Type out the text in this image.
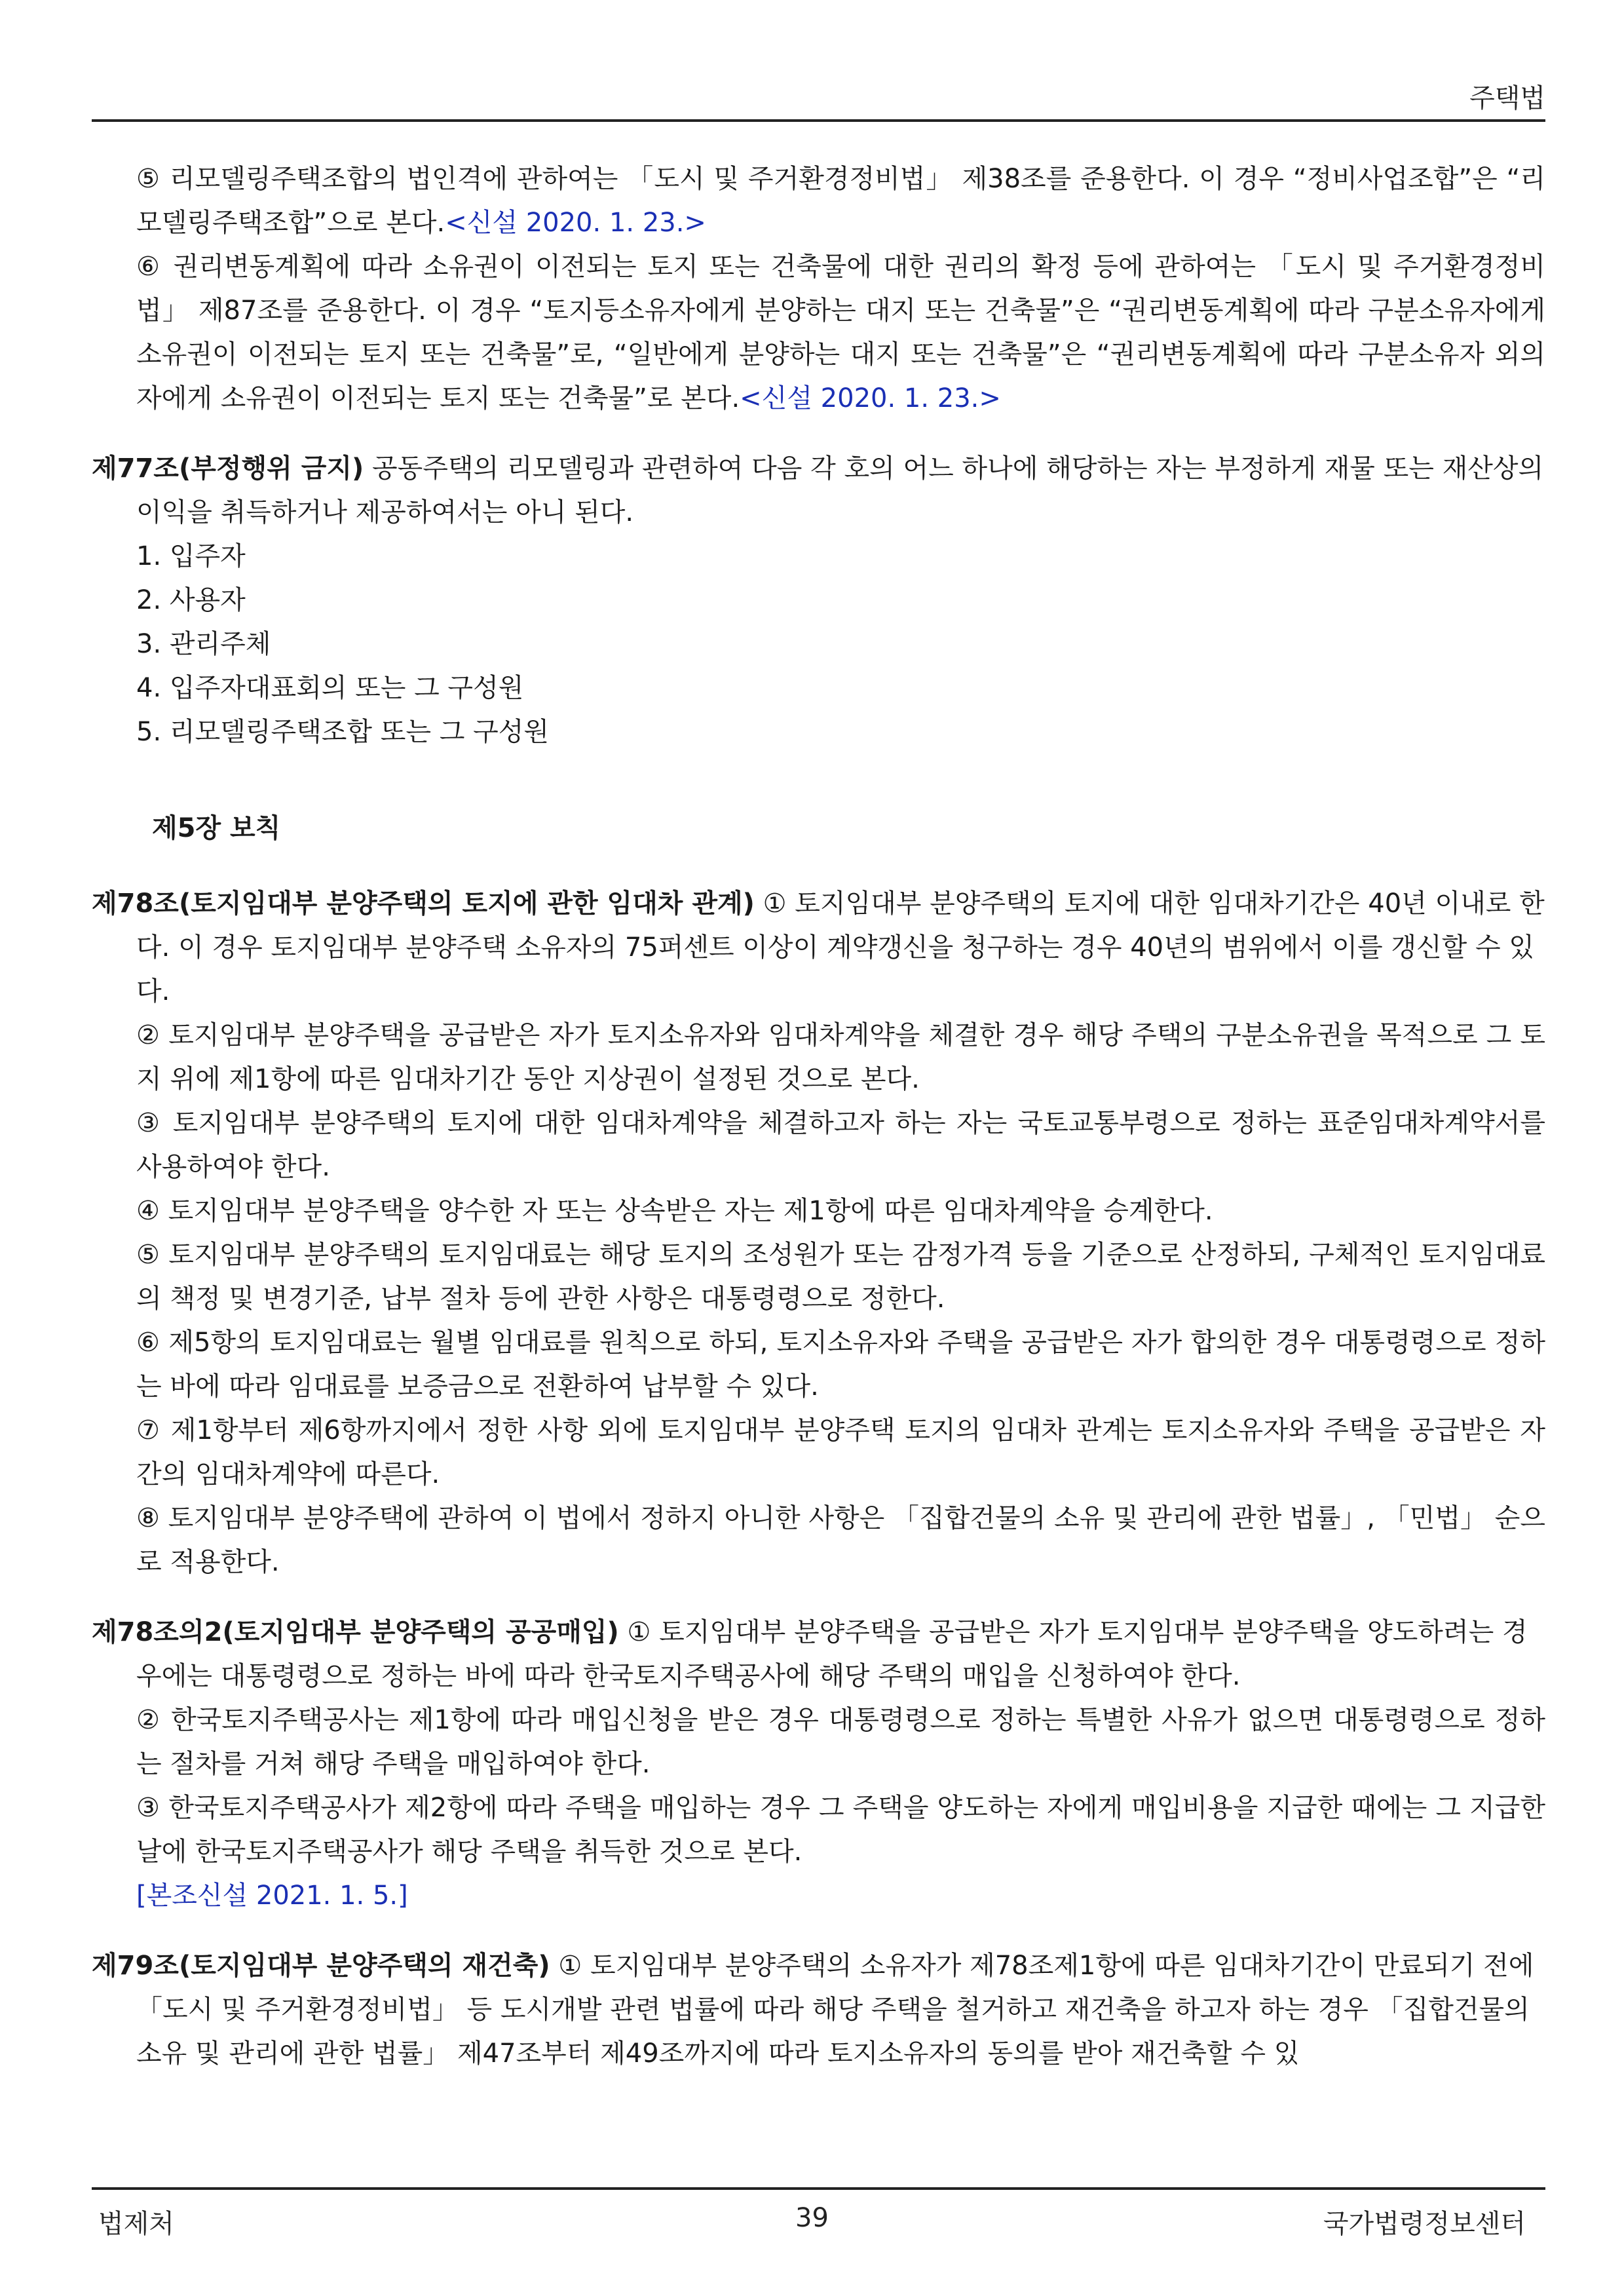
주택법

⑤ 리모델링주택조합의 법인격에 관하여는 「도시 및 주거환경정비법」 제38조를 준용한다. 이 경우 “정비사업조합”은 “리모델링주택조합”으로 본다.<신설 2020. 1. 23.>

⑥ 권리변동계획에 따라 소유권이 이전되는 토지 또는 건축물에 대한 권리의 확정 등에 관하여는 「도시 및 주거환경정비법」 제87조를 준용한다. 이 경우 “토지등소유자에게 분양하는 대지 또는 건축물”은 “권리변동계획에 따라 구분소유자에게 소유권이 이전되는 토지 또는 건축물”로, “일반에게 분양하는 대지 또는 건축물”은 “권리변동계획에 따라 구분소유자 외의 자에게 소유권이 이전되는 토지 또는 건축물”로 본다.<신설 2020. 1. 23.>

제77조(부정행위 금지) 공동주택의 리모델링과 관련하여 다음 각 호의 어느 하나에 해당하는 자는 부정하게 재물 또는 재산상의 이익을 취득하거나 제공하여서는 아니 된다.

1. 입주자

2. 사용자

3. 관리주체

4. 입주자대표회의 또는 그 구성원

5. 리모델링주택조합 또는 그 구성원

제5장 보칙

제78조(토지임대부 분양주택의 토지에 관한 임대차 관계) ① 토지임대부 분양주택의 토지에 대한 임대차기간은 40년 이내로 한다. 이 경우 토지임대부 분양주택 소유자의 75퍼센트 이상이 계약갱신을 청구하는 경우 40년의 범위에서 이를 갱신할 수 있다.

② 토지임대부 분양주택을 공급받은 자가 토지소유자와 임대차계약을 체결한 경우 해당 주택의 구분소유권을 목적으로 그 토지 위에 제1항에 따른 임대차기간 동안 지상권이 설정된 것으로 본다.

③ 토지임대부 분양주택의 토지에 대한 임대차계약을 체결하고자 하는 자는 국토교통부령으로 정하는 표준임대차계약서를 사용하여야 한다.

④ 토지임대부 분양주택을 양수한 자 또는 상속받은 자는 제1항에 따른 임대차계약을 승계한다.

⑤ 토지임대부 분양주택의 토지임대료는 해당 토지의 조성원가 또는 감정가격 등을 기준으로 산정하되, 구체적인 토지임대료의 책정 및 변경기준, 납부 절차 등에 관한 사항은 대통령령으로 정한다.

⑥ 제5항의 토지임대료는 월별 임대료를 원칙으로 하되, 토지소유자와 주택을 공급받은 자가 합의한 경우 대통령령으로 정하는 바에 따라 임대료를 보증금으로 전환하여 납부할 수 있다.

⑦ 제1항부터 제6항까지에서 정한 사항 외에 토지임대부 분양주택 토지의 임대차 관계는 토지소유자와 주택을 공급받은 자 간의 임대차계약에 따른다.

⑧ 토지임대부 분양주택에 관하여 이 법에서 정하지 아니한 사항은 「집합건물의 소유 및 관리에 관한 법률」, 「민법」 순으로 적용한다.

제78조의2(토지임대부 분양주택의 공공매입) ① 토지임대부 분양주택을 공급받은 자가 토지임대부 분양주택을 양도하려는 경우에는 대통령령으로 정하는 바에 따라 한국토지주택공사에 해당 주택의 매입을 신청하여야 한다.

② 한국토지주택공사는 제1항에 따라 매입신청을 받은 경우 대통령령으로 정하는 특별한 사유가 없으면 대통령령으로 정하는 절차를 거쳐 해당 주택을 매입하여야 한다.

③ 한국토지주택공사가 제2항에 따라 주택을 매입하는 경우 그 주택을 양도하는 자에게 매입비용을 지급한 때에는 그 지급한 날에 한국토지주택공사가 해당 주택을 취득한 것으로 본다.

[본조신설 2021. 1. 5.]

제79조(토지임대부 분양주택의 재건축) ① 토지임대부 분양주택의 소유자가 제78조제1항에 따른 임대차기간이 만료되기 전에 「도시 및 주거환경정비법」 등 도시개발 관련 법률에 따라 해당 주택을 철거하고 재건축을 하고자 하는 경우 「집합건물의 소유 및 관리에 관한 법률」 제47조부터 제49조까지에 따라 토지소유자의 동의를 받아 재건축할 수 있

법제처	39	국가법령정보센터
